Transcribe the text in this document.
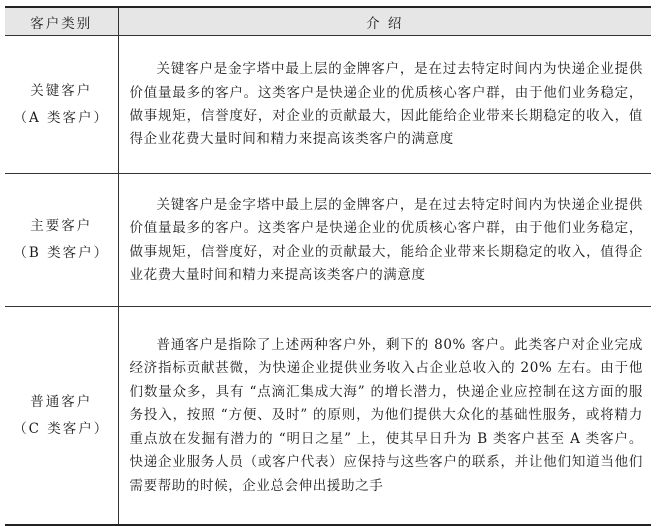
客户类别	介 绍

关键客户
（A 类客户）	关键客户是金字塔中最上层的金牌客户，是在过去特定时间内为快递企业提供价值量最多的客户。这类客户是快递企业的优质核心客户群，由于他们业务稳定，做事规矩，信誉度好，对企业的贡献最大，因此能给企业带来长期稳定的收入，值得企业花费大量时间和精力来提高该类客户的满意度

主要客户
（B 类客户）	关键客户是金字塔中最上层的金牌客户，是在过去特定时间内为快递企业提供价值量最多的客户。这类客户是快递企业的优质核心客户群，由于他们业务稳定，做事规矩，信誉度好，对企业的贡献最大，能给企业带来长期稳定的收入，值得企业花费大量时间和精力来提高该类客户的满意度

普通客户
（C 类客户）	普通客户是指除了上述两种客户外，剩下的 80% 客户。此类客户对企业完成经济指标贡献甚微，为快递企业提供业务收入占企业总收入的 20% 左右。由于他们数量众多，具有 “点滴汇集成大海” 的增长潜力，快递企业应控制在这方面的服务投入，按照 “方便、及时” 的原则，为他们提供大众化的基础性服务，或将精力重点放在发掘有潜力的 “明日之星” 上，使其早日升为 B 类客户甚至 A 类客户。快递企业服务人员（或客户代表）应保持与这些客户的联系，并让他们知道当他们需要帮助的时候，企业总会伸出援助之手
